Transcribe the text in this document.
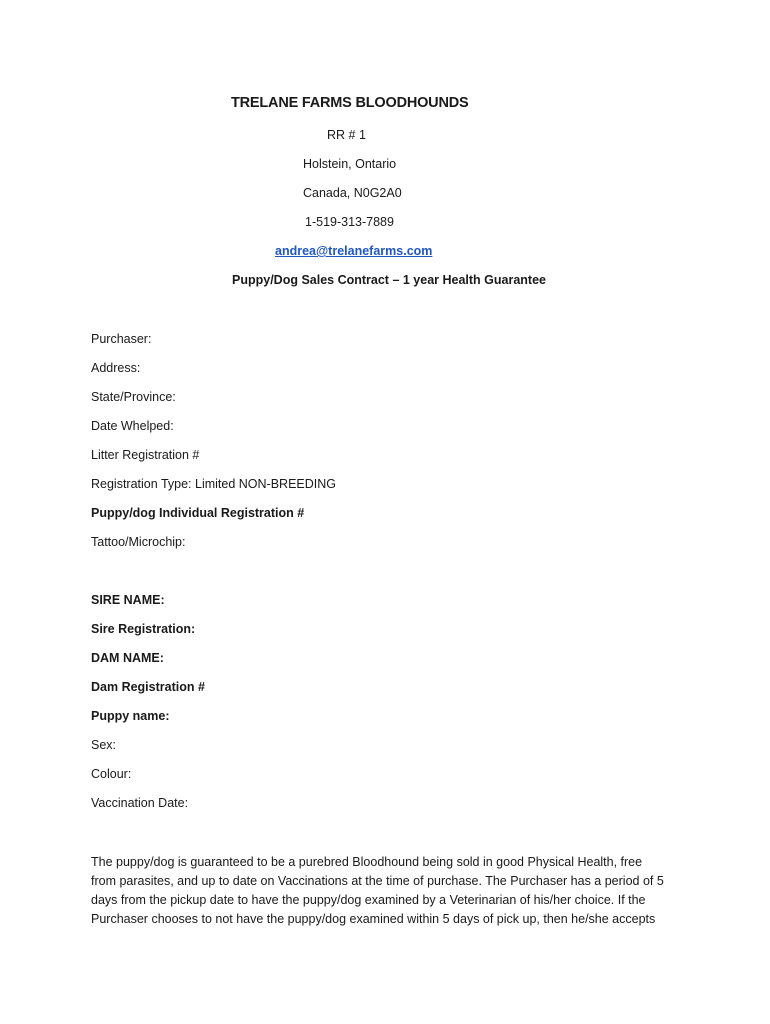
TRELANE FARMS BLOODHOUNDS
RR # 1
Holstein, Ontario
Canada, N0G2A0
1-519-313-7889
andrea@trelanefarms.com
Puppy/Dog Sales Contract – 1 year Health Guarantee
Purchaser:
Address:
State/Province:
Date Whelped:
Litter Registration #
Registration Type: Limited NON-BREEDING
Puppy/dog Individual Registration #
Tattoo/Microchip:
SIRE NAME:
Sire Registration:
DAM NAME:
Dam Registration #
Puppy name:
Sex:
Colour:
Vaccination Date:
The puppy/dog is guaranteed to be a purebred Bloodhound being sold in good Physical Health, free
from parasites, and up to date on Vaccinations at the time of purchase. The Purchaser has a period of 5
days from the pickup date to have the puppy/dog examined by a Veterinarian of his/her choice. If the
Purchaser chooses to not have the puppy/dog examined within 5 days of pick up, then he/she accepts
